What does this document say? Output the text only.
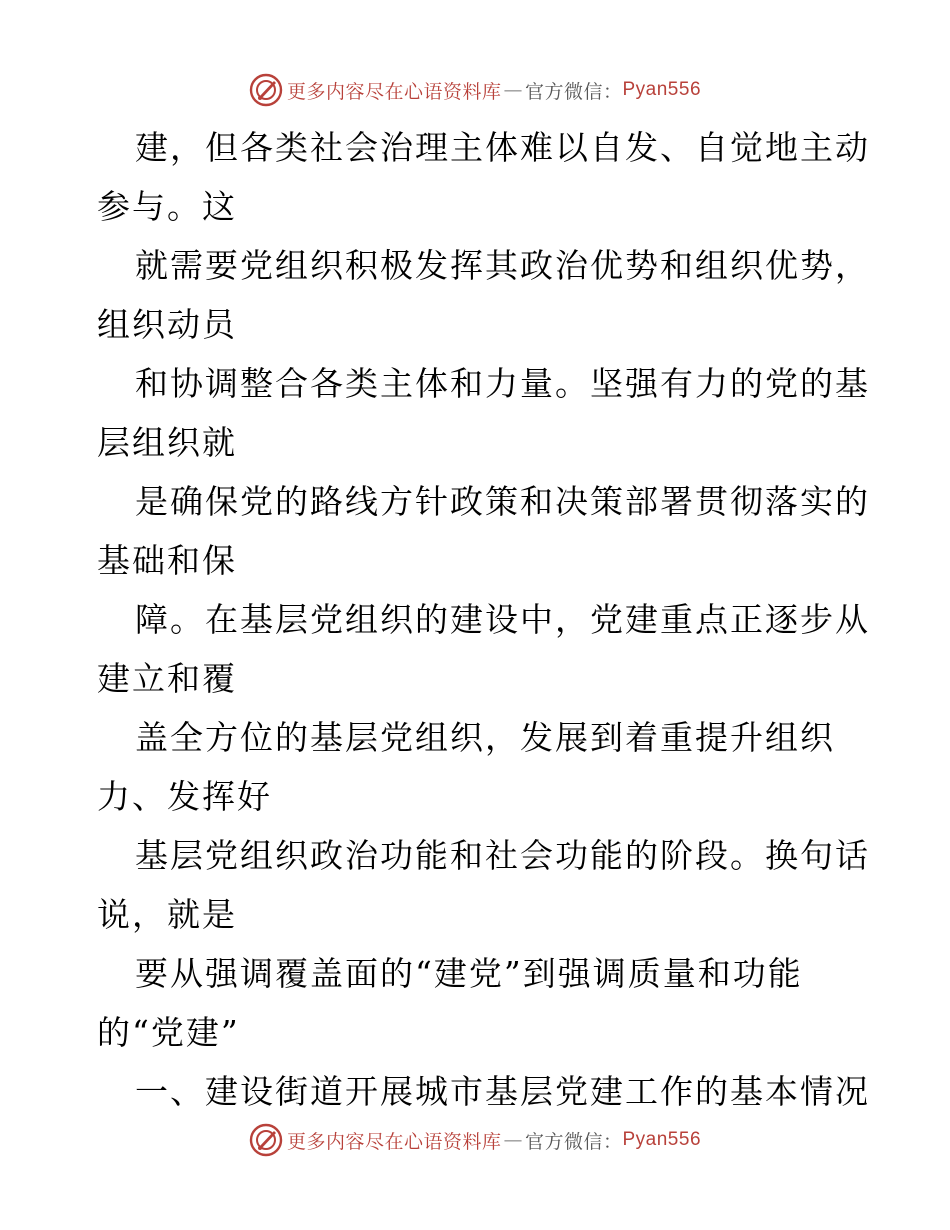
更多内容尽在心语资料库 — 官方微信： Pyan556
建，但各类社会治理主体难以自发、自觉地主动
参与。这
就需要党组织积极发挥其政治优势和组织优势，
组织动员
和协调整合各类主体和力量。坚强有力的党的基
层组织就
是确保党的路线方针政策和决策部署贯彻落实的
基础和保
障。在基层党组织的建设中，党建重点正逐步从
建立和覆
盖全方位的基层党组织，发展到着重提升组织
力、发挥好
基层党组织政治功能和社会功能的阶段。换句话
说，就是
要从强调覆盖面的“建党”到强调质量和功能
的“党建”
一、建设街道开展城市基层党建工作的基本情况
更多内容尽在心语资料库 — 官方微信： Pyan556
